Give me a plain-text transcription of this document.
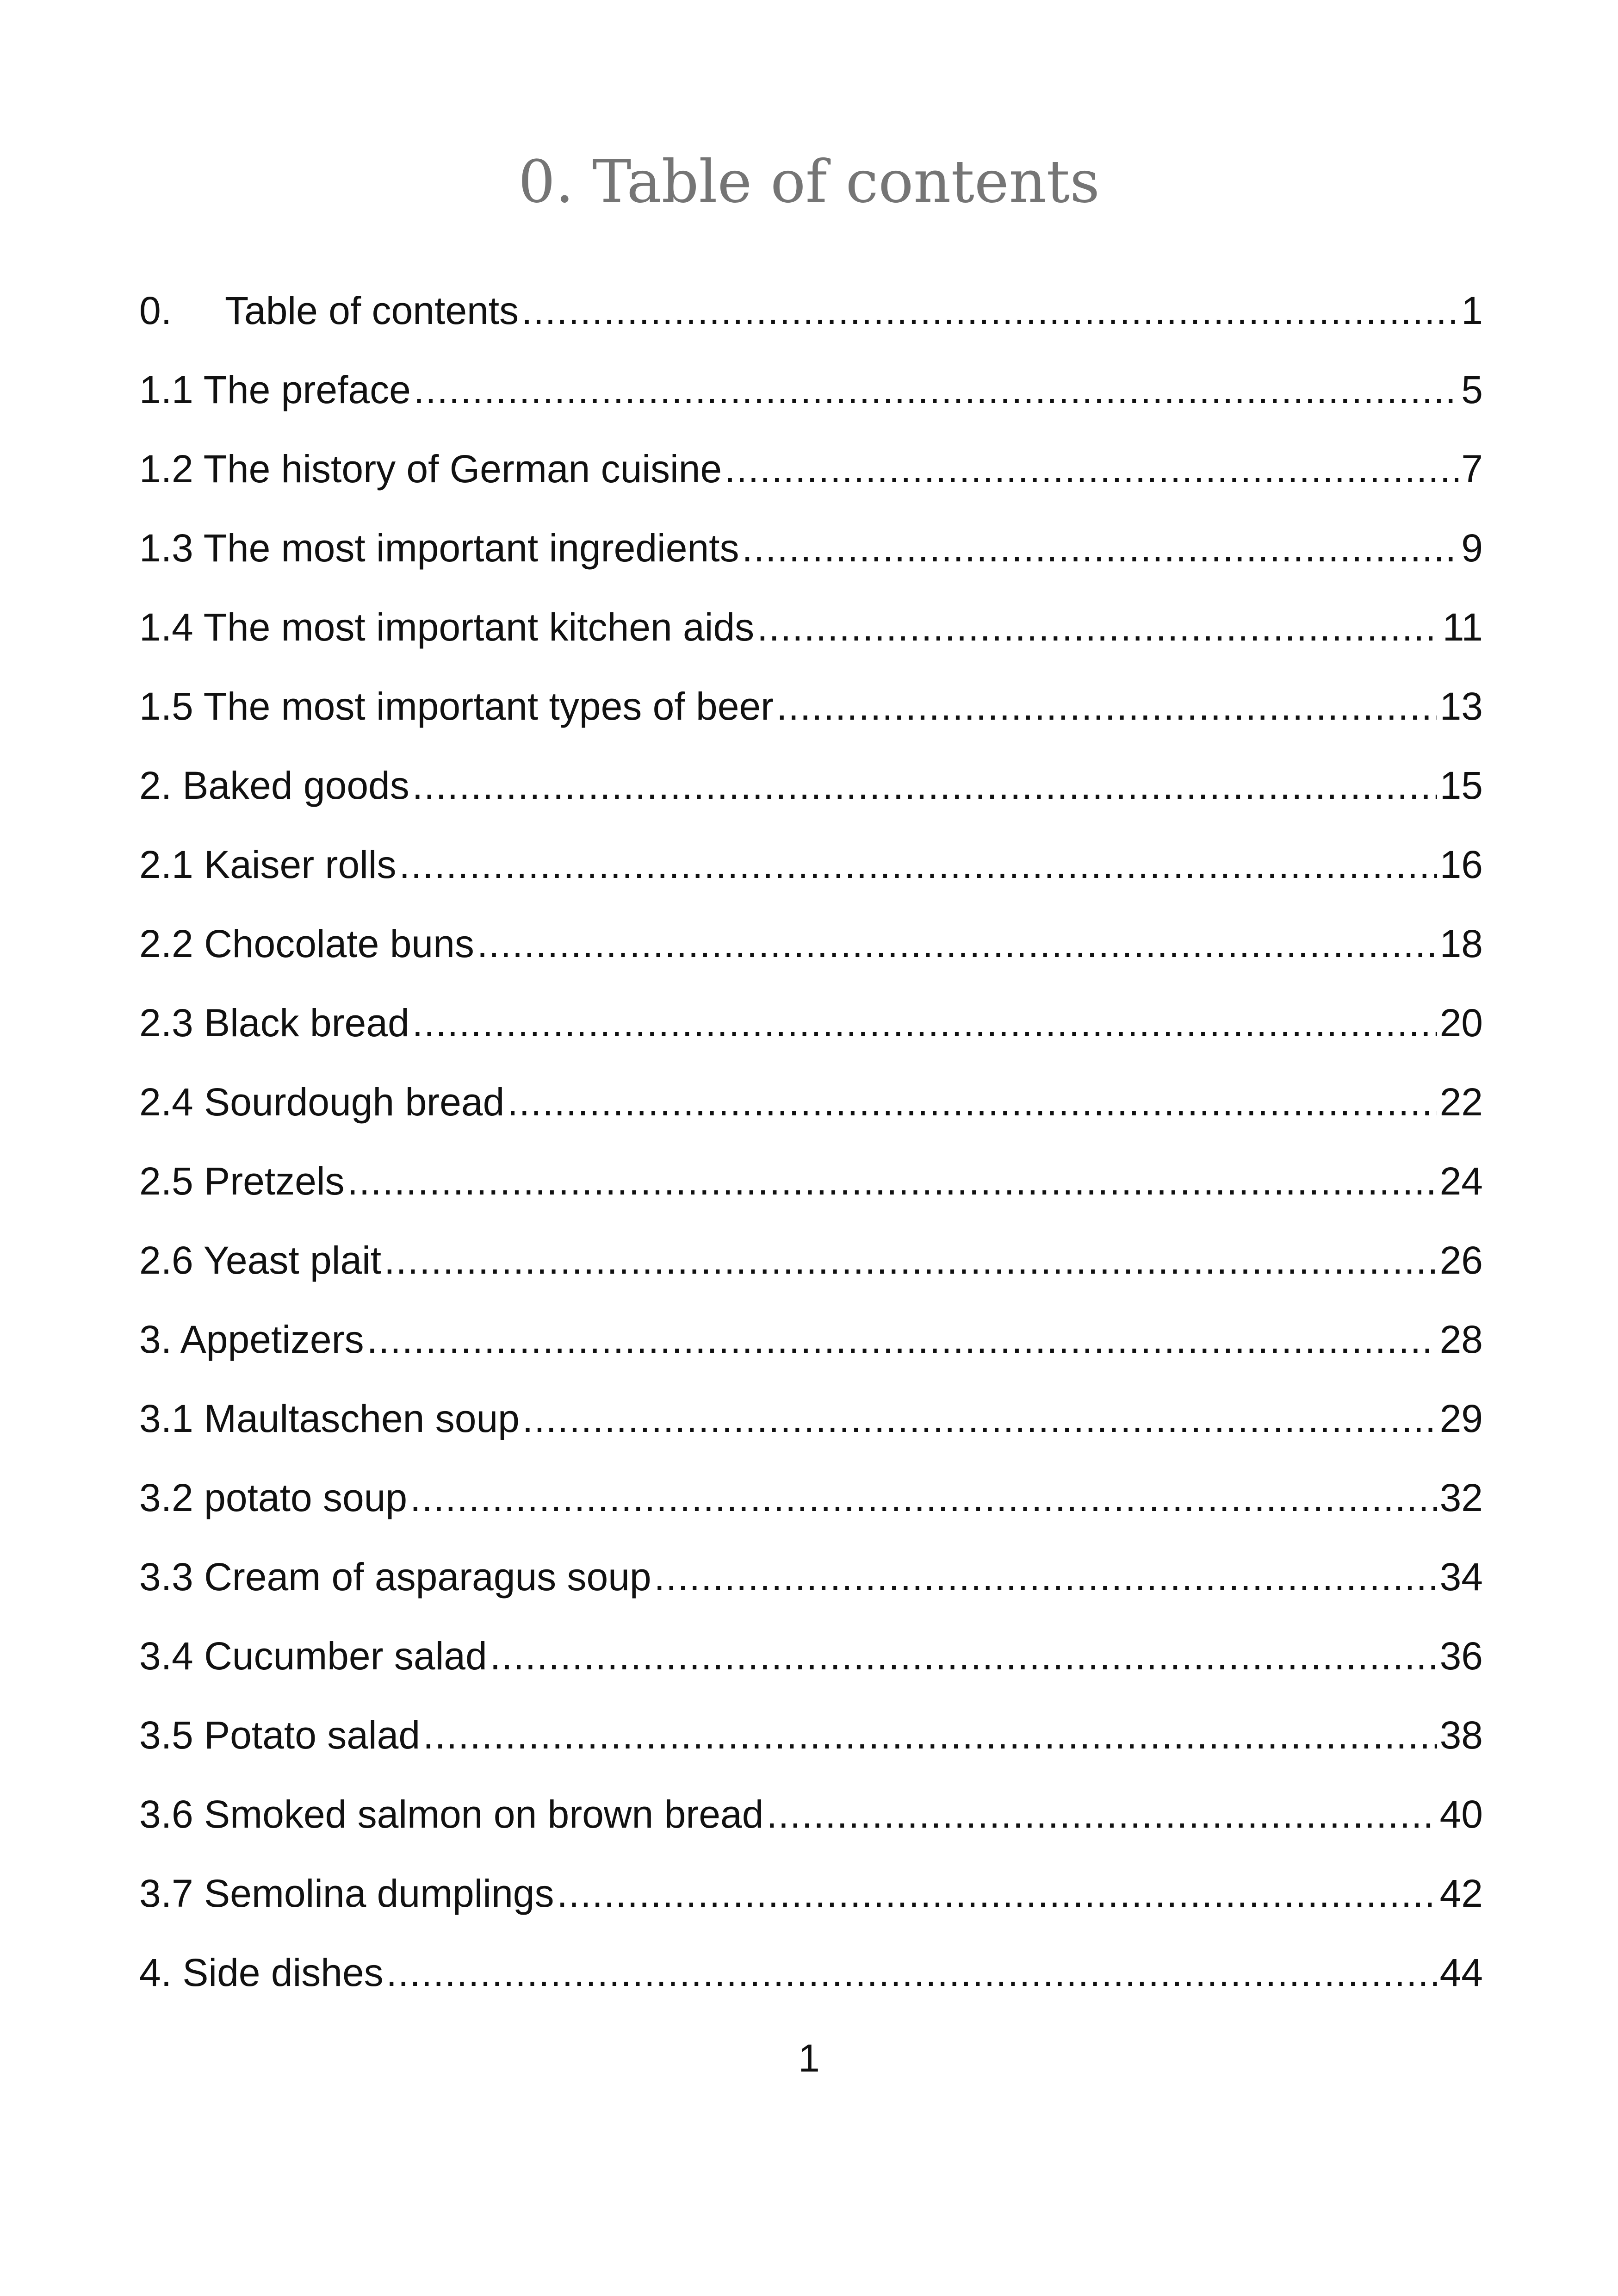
0. Table of contents
0. Table of contents .....	1
1.1 The preface .....	5
1.2 The history of German cuisine .....	7
1.3 The most important ingredients .....	9
1.4 The most important kitchen aids .....	11
1.5 The most important types of beer .....	13
2. Baked goods .....	15
2.1 Kaiser rolls .....	16
2.2 Chocolate buns .....	18
2.3 Black bread .....	20
2.4 Sourdough bread .....	22
2.5 Pretzels .....	24
2.6 Yeast plait .....	26
3. Appetizers .....	28
3.1 Maultaschen soup .....	29
3.2 potato soup .....	32
3.3 Cream of asparagus soup .....	34
3.4 Cucumber salad .....	36
3.5 Potato salad .....	38
3.6 Smoked salmon on brown bread .....	40
3.7 Semolina dumplings .....	42
4. Side dishes .....	44
1
